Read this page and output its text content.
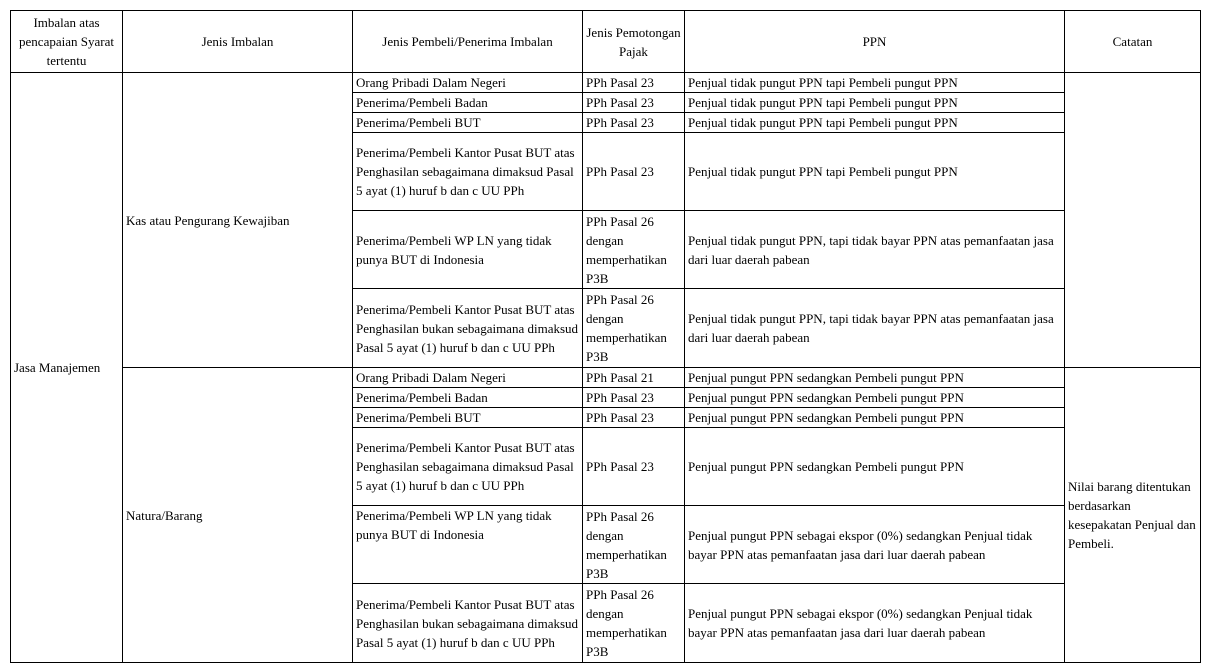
Imbalan atas pencapaian Syarat tertentu	Jenis Imbalan	Jenis Pembeli/Penerima Imbalan	Jenis Pemotongan Pajak	PPN	Catatan
Jasa Manajemen	Kas atau Pengurang Kewajiban	Orang Pribadi Dalam Negeri	PPh Pasal 23	Penjual tidak pungut PPN tapi Pembeli pungut PPN	
		Penerima/Pembeli Badan	PPh Pasal 23	Penjual tidak pungut PPN tapi Pembeli pungut PPN	
		Penerima/Pembeli BUT	PPh Pasal 23	Penjual tidak pungut PPN tapi Pembeli pungut PPN	
		Penerima/Pembeli Kantor Pusat BUT atas Penghasilan sebagaimana dimaksud Pasal 5 ayat (1) huruf b dan c UU PPh	PPh Pasal 23	Penjual tidak pungut PPN tapi Pembeli pungut PPN	
		Penerima/Pembeli WP LN yang tidak punya BUT di Indonesia	PPh Pasal 26 dengan memperhatikan P3B	Penjual tidak pungut PPN, tapi tidak bayar PPN atas pemanfaatan jasa dari luar daerah pabean	
		Penerima/Pembeli Kantor Pusat BUT atas Penghasilan bukan sebagaimana dimaksud Pasal 5 ayat (1) huruf b dan c UU PPh	PPh Pasal 26 dengan memperhatikan P3B	Penjual tidak pungut PPN, tapi tidak bayar PPN atas pemanfaatan jasa dari luar daerah pabean	
	Natura/Barang	Orang Pribadi Dalam Negeri	PPh Pasal 21	Penjual pungut PPN sedangkan Pembeli pungut PPN	Nilai barang ditentukan berdasarkan kesepakatan Penjual dan Pembeli.
		Penerima/Pembeli Badan	PPh Pasal 23	Penjual pungut PPN sedangkan Pembeli pungut PPN	
		Penerima/Pembeli BUT	PPh Pasal 23	Penjual pungut PPN sedangkan Pembeli pungut PPN	
		Penerima/Pembeli Kantor Pusat BUT atas Penghasilan sebagaimana dimaksud Pasal 5 ayat (1) huruf b dan c UU PPh	PPh Pasal 23	Penjual pungut PPN sedangkan Pembeli pungut PPN	
		Penerima/Pembeli WP LN yang tidak punya BUT di Indonesia	PPh Pasal 26 dengan memperhatikan P3B	Penjual pungut PPN sebagai ekspor (0%) sedangkan Penjual tidak bayar PPN atas pemanfaatan jasa dari luar daerah pabean	
		Penerima/Pembeli Kantor Pusat BUT atas Penghasilan bukan sebagaimana dimaksud Pasal 5 ayat (1) huruf b dan c UU PPh	PPh Pasal 26 dengan memperhatikan P3B	Penjual pungut PPN sebagai ekspor (0%) sedangkan Penjual tidak bayar PPN atas pemanfaatan jasa dari luar daerah pabean	
